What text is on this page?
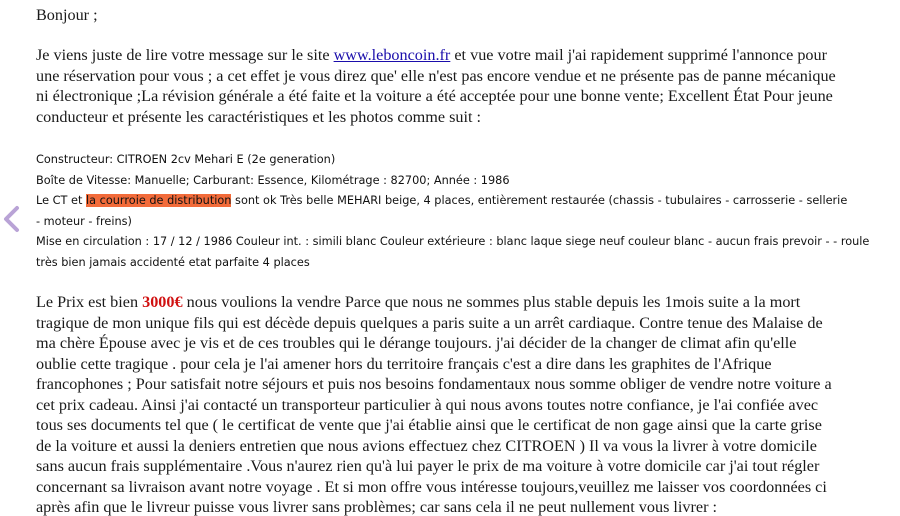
Bonjour ;
Je viens juste de lire votre message sur le site www.leboncoin.fr et vue votre mail j'ai rapidement supprimé l'annonce pour
une réservation pour vous ; a cet effet je vous direz que' elle n'est pas encore vendue et ne présente pas de panne mécanique
ni électronique ;La révision générale a été faite et la voiture a été acceptée pour une bonne vente; Excellent État Pour jeune
conducteur et présente les caractéristiques et les photos comme suit :
Constructeur: CITROEN 2cv Mehari E (2e generation)
Boîte de Vitesse: Manuelle; Carburant: Essence, Kilométrage : 82700; Année : 1986
Le CT et la courroie de distribution sont ok Très belle MEHARI beige, 4 places, entièrement restaurée (chassis - tubulaires - carrosserie - sellerie
- moteur - freins)
Mise en circulation : 17 / 12 / 1986 Couleur int. : simili blanc Couleur extérieure : blanc laque siege neuf couleur blanc - aucun frais prevoir - - roule
très bien jamais accidenté etat parfaite 4 places
Le Prix est bien 3000€ nous voulions la vendre Parce que nous ne sommes plus stable depuis les 1mois suite a la mort
tragique de mon unique fils qui est décède depuis quelques a paris suite a un arrêt cardiaque. Contre tenue des Malaise de
ma chère Épouse avec je vis et de ces troubles qui le dérange toujours. j'ai décider de la changer de climat afin qu'elle
oublie cette tragique . pour cela je l'ai amener hors du territoire français c'est a dire dans les graphites de l'Afrique
francophones ; Pour satisfait notre séjours et puis nos besoins fondamentaux nous somme obliger de vendre notre voiture a
cet prix cadeau. Ainsi j'ai contacté un transporteur particulier à qui nous avons toutes notre confiance, je l'ai confiée avec
tous ses documents tel que ( le certificat de vente que j'ai établie ainsi que le certificat de non gage ainsi que la carte grise
de la voiture et aussi la deniers entretien que nous avions effectuez chez CITROEN ) Il va vous la livrer à votre domicile
sans aucun frais supplémentaire .Vous n'aurez rien qu'à lui payer le prix de ma voiture à votre domicile car j'ai tout régler
concernant sa livraison avant notre voyage . Et si mon offre vous intéresse toujours,veuillez me laisser vos coordonnées ci
après afin que le livreur puisse vous livrer sans problèmes; car sans cela il ne peut nullement vous livrer :
